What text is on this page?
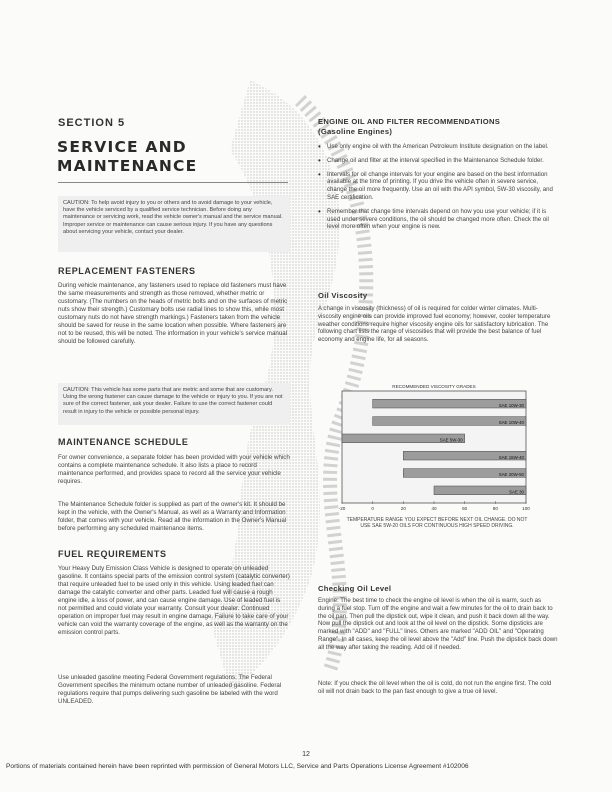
SECTION 5
SERVICE AND
MAINTENANCE
CAUTION: To help avoid injury to you or others and to avoid damage to your vehicle, have the vehicle serviced by a qualified service technician. Before doing any maintenance or servicing work, read the vehicle owner's manual and the service manual. Improper service or maintenance can cause serious injury. If you have any questions about servicing your vehicle, contact your dealer.
REPLACEMENT FASTENERS
During vehicle maintenance, any fasteners used to replace old fasteners must have the same measurements and strength as those removed, whether metric or customary. (The numbers on the heads of metric bolts and on the surfaces of metric nuts show their strength.) Customary bolts use radial lines to show this, while most customary nuts do not have strength markings.) Fasteners taken from the vehicle should be saved for reuse in the same location when possible. Where fasteners are not to be reused, this will be noted. The information in your vehicle's service manual should be followed carefully.
CAUTION: This vehicle has some parts that are metric and some that are customary. Using the wrong fastener can cause damage to the vehicle or injury to you. If you are not sure of the correct fastener, ask your dealer. Failure to use the correct fastener could result in injury to the vehicle or possible personal injury.
MAINTENANCE SCHEDULE
For owner convenience, a separate folder has been provided with your vehicle which contains a complete maintenance schedule. It also lists a place to record maintenance performed, and provides space to record all the service your vehicle requires.
The Maintenance Schedule folder is supplied as part of the owner's kit. It should be kept in the vehicle, with the Owner's Manual, as well as a Warranty and Information folder, that comes with your vehicle. Read all the information in the Owner's Manual before performing any scheduled maintenance items.
FUEL REQUIREMENTS
Your Heavy Duty Emission Class Vehicle is designed to operate on unleaded gasoline. It contains special parts of the emission control system (catalytic converter) that require unleaded fuel to be used only in this vehicle. Using leaded fuel can damage the catalytic converter and other parts. Leaded fuel will cause a rough engine idle, a loss of power, and can cause engine damage. Use of leaded fuel is not permitted and could violate your warranty. Consult your dealer. Continued operation on improper fuel may result in engine damage. Failure to take care of your vehicle can void the warranty coverage of the engine, as well as the warranty on the emission control parts.
Use unleaded gasoline meeting Federal Government regulations. The Federal Government specifies the minimum octane number of unleaded gasoline. Federal regulations require that pumps delivering such gasoline be labeled with the word UNLEADED.
ENGINE OIL AND FILTER RECOMMENDATIONS
(Gasoline Engines)
• Use only engine oil with the American Petroleum Institute designation on the label.
• Change oil and filter at the interval specified in the Maintenance Schedule folder.
• Intervals for oil change intervals for your engine are based on the best information available at the time of printing. If you drive the vehicle often in severe service, change the oil more frequently. Use an oil with the API symbol, 5W-30 viscosity, and SAE certification.
• Remember that change time intervals depend on how you use your vehicle; if it is used under severe conditions, the oil should be changed more often. Check the oil level more often when your engine is new.
Oil Viscosity
A change in viscosity (thickness) of oil is required for colder winter climates. Multi-viscosity engine oils can provide improved fuel economy; however, cooler temperature weather conditions require higher viscosity engine oils for satisfactory lubrication. The following chart lists the range of viscosities that will provide the best balance of fuel economy and engine life, for all seasons.
RECOMMENDED VISCOSITY GRADES
SAE 10W-30
SAE 10W-40
SAE 5W-30
SAE 15W-40
SAE 20W-50
SAE 30
-20	0	20	40	60	80	100
TEMPERATURE RANGE YOU EXPECT BEFORE NEXT OIL CHANGE. DO NOT USE SAE 5W-20 OILS FOR CONTINUOUS HIGH SPEED DRIVING.
Checking Oil Level
Engine: The best time to check the engine oil level is when the oil is warm, such as during a fuel stop. Turn off the engine and wait a few minutes for the oil to drain back to the oil pan. Then pull the dipstick out, wipe it clean, and push it back down all the way. Now pull the dipstick out and look at the oil level on the dipstick. Some dipsticks are marked with "ADD" and "FULL" lines. Others are marked "ADD OIL" and "Operating Range". In all cases, keep the oil level above the "Add" line. Push the dipstick back down all the way after taking the reading. Add oil if needed.
Note: If you check the oil level when the oil is cold, do not run the engine first. The cold oil will not drain back to the pan fast enough to give a true oil level.
12
Portions of materials contained herein have been reprinted with permission of General Motors LLC, Service and Parts Operations License Agreement #102006
